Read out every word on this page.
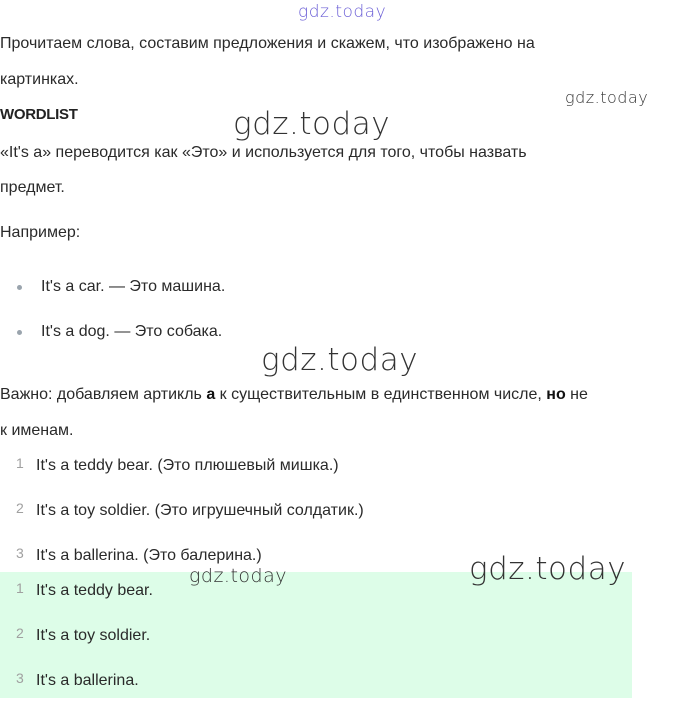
gdz.today

Прочитаем слова, составим предложения и скажем, что изображено на

картинках.

gdz.today
WORDLIST	gdz.today

«It's a» переводится как «Это» и используется для того, чтобы назвать

предмет.

Например:

It's a car. — Это машина.
It's a dog. — Это собака.
gdz.today

Важно: добавляем артикль a к существительным в единственном числе, но не

к именам.

1 It's a teddy bear. (Это плюшевый мишка.)
2 It's a toy soldier. (Это игрушечный солдатик.)
3 It's a ballerina. (Это балерина.)
1 It's a teddy bear.
2 It's a toy soldier.
3 It's a ballerina.
gdz.today	gdz.today
